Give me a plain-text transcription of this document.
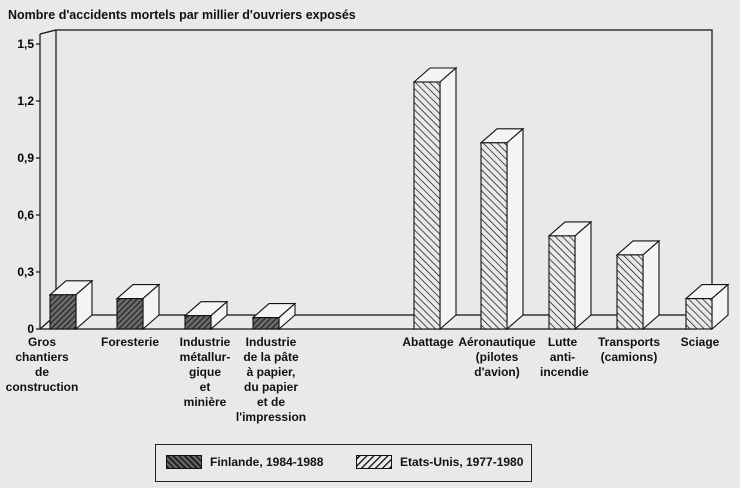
0
0,3
0,6
0,9
1,2
1,5
Nombre d'accidents mortels par millier d'ouvriers exposés
Gros
chantiers
de
construction
Foresterie	Industrie
métallur-
gique
et
minière
Industrie
de la pâte
à papier,
du papier
et de
l'impression
Abattage Aéronautique
(pilotes
d'avion)
Lutte
anti-
incendie
Transports
(camions)
Sciage
Finlande, 1984-1988	Etats-Unis, 1977-1980
